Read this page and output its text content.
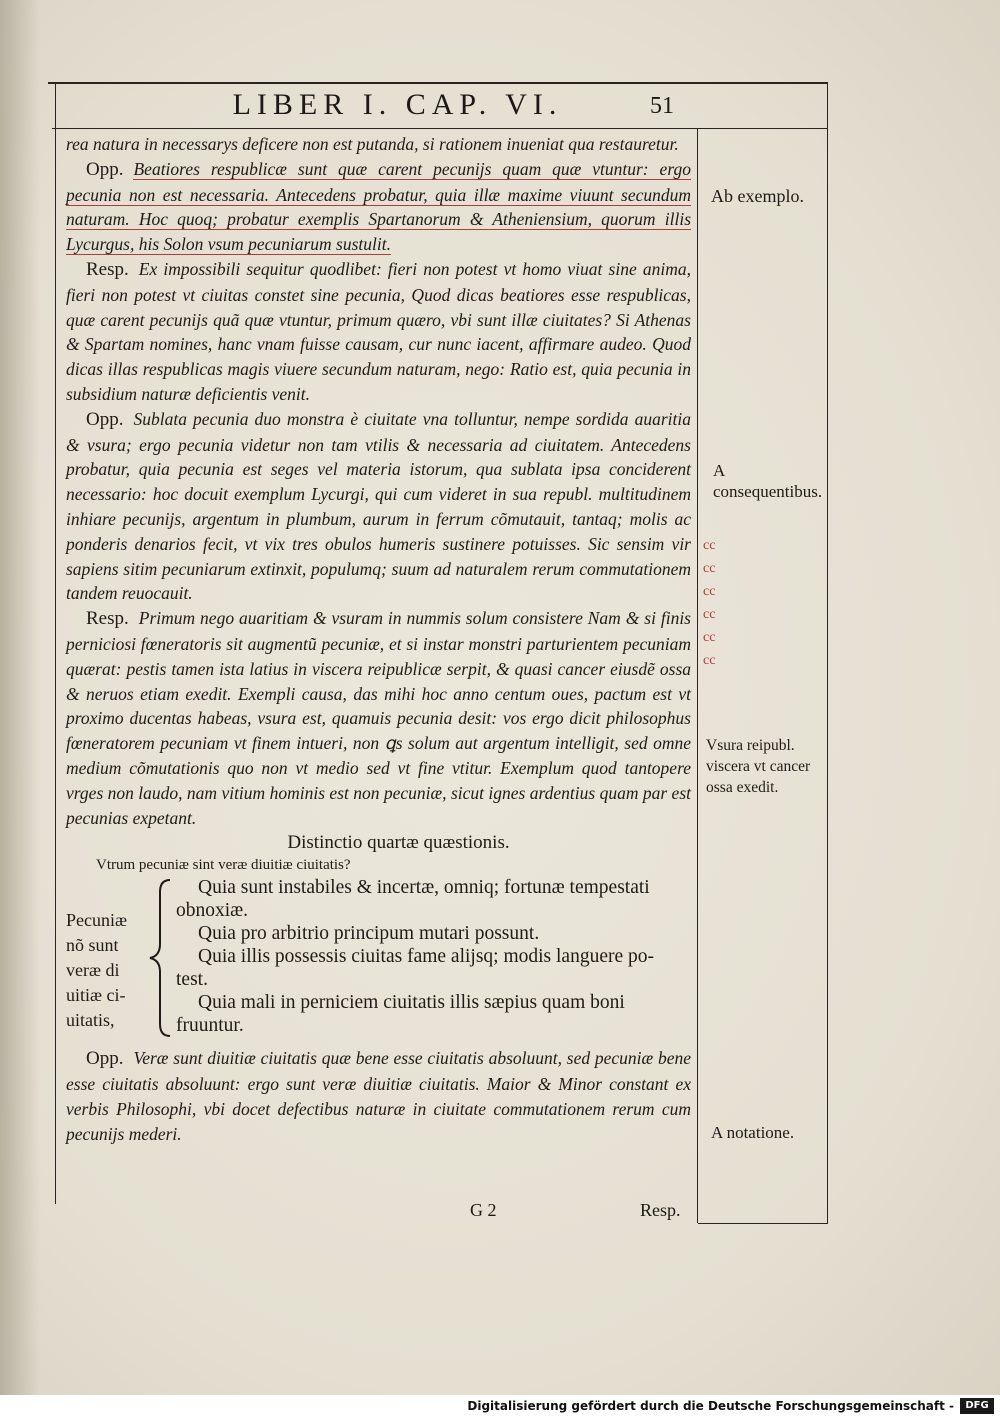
LIBER I. CAP. VI.	51

rea natura in necessarys deficere non est putanda, si rationem inueniat qua restauretur.

Opp. Beatiores respublicæ sunt quæ carent pecunijs quam quæ vtuntur: ergo pecunia non est necessaria. Antecedens probatur, quia illæ maxime viuunt secundum naturam. Hoc quoq; probatur exemplis Spartanorum & Atheniensium, quorum illis Lycurgus, his Solon vsum pecuniarum sustulit.

Resp. Ex impossibili sequitur quodlibet: fieri non potest vt homo viuat sine anima, fieri non potest vt ciuitas constet sine pecunia, Quod dicas beatiores esse respublicas, quæ carent pecunijs quã quæ vtuntur, primum quæro, vbi sunt illæ ciuitates? Si Athenas & Spartam nomines, hanc vnam fuisse causam, cur nunc iacent, affirmare audeo. Quod dicas illas respublicas magis viuere secundum naturam, nego: Ratio est, quia pecunia in subsidium naturæ deficientis venit.

Opp. Sublata pecunia duo monstra è ciuitate vna tolluntur, nempe sordida auaritia & vsura; ergo pecunia videtur non tam vtilis & necessaria ad ciuitatem. Antecedens probatur, quia pecunia est seges vel materia istorum, qua sublata ipsa conciderent necessario: hoc docuit exemplum Lycurgi, qui cum videret in sua republ. multitudinem inhiare pecunijs, argentum in plumbum, aurum in ferrum cõmutauit, tantaq; molis ac ponderis denarios fecit, vt vix tres obulos humeris sustinere potuisses. Sic sensim vir sapiens sitim pecuniarum extinxit, populumq; suum ad naturalem rerum commutationem tandem reuocauit.

Resp. Primum nego auaritiam & vsuram in nummis solum consistere Nam & si finis perniciosi fœneratoris sit augmentũ pecuniæ, et si instar monstri parturientem pecuniam quærat: pestis tamen ista latius in viscera reipublicæ serpit, & quasi cancer eiusdẽ ossa & neruos etiam exedit. Exempli causa, das mihi hoc anno centum oues, pactum est vt proximo ducentas habeas, vsura est, quamuis pecunia desit: vos ergo dicit philosophus fœneratorem pecuniam vt finem intueri, non ꝗs solum aut argentum intelligit, sed omne medium cõmutationis quo non vt medio sed vt fine vtitur. Exemplum quod tantopere vrges non laudo, nam vitium hominis est non pecuniæ, sicut ignes ardentius quam par est pecunias expetant.

Distinctio quartæ quæstionis.

Vtrum pecuniæ sint veræ diuitiæ ciuitatis?

Pecuniæ
nõ sunt
veræ di
uitiæ ci-
uitatis,
Quia sunt instabiles & incertæ, omniq; fortunæ tempestati
obnoxiæ.
Quia pro arbitrio principum mutari possunt.
Quia illis possessis ciuitas fame alijsq; modis languere po-
test.
Quia mali in perniciem ciuitatis illis sæpius quam boni
fruuntur.

Opp. Veræ sunt diuitiæ ciuitatis quæ bene esse ciuitatis absoluunt, sed pecuniæ bene esse ciuitatis absoluunt: ergo sunt veræ diuitiæ ciuitatis. Maior & Minor constant ex verbis Philosophi, vbi docet defectibus naturæ in ciuitate commutationem rerum cum pecunijs mederi.

Ab exemplo.
A consequentibus.
Vsura reipubl. viscera vt cancer ossa exedit.
A notatione.
cc
cc
cc
cc
cc
cc
G 2	Resp.
Digitalisierung gefördert durch die Deutsche Forschungsgemeinschaft -	DFG
